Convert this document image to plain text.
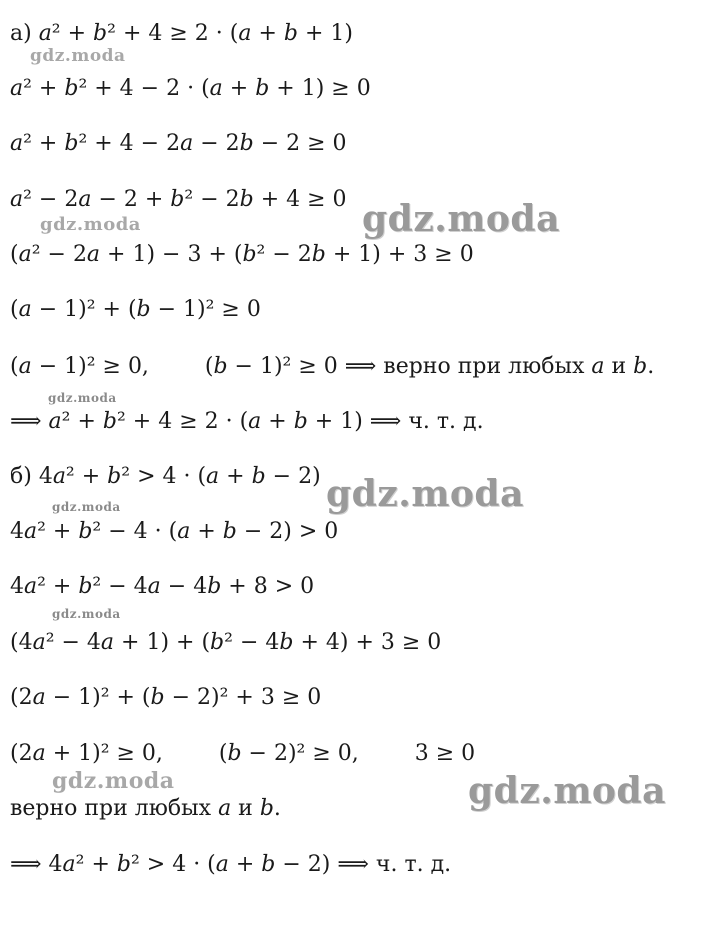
а) 𝑎² + 𝑏² + 4 ≥ 2 · (𝑎 + 𝑏 + 1)
𝑎² + 𝑏² + 4 − 2 · (𝑎 + 𝑏 + 1) ≥ 0
𝑎² + 𝑏² + 4 − 2𝑎 − 2𝑏 − 2 ≥ 0
𝑎² − 2𝑎 − 2 + 𝑏² − 2𝑏 + 4 ≥ 0
(𝑎² − 2𝑎 + 1) − 3 + (𝑏² − 2𝑏 + 1) + 3 ≥ 0
(𝑎 − 1)² + (𝑏 − 1)² ≥ 0
(𝑎 − 1)² ≥ 0,        (𝑏 − 1)² ≥ 0 ⟹ верно при любых 𝑎 и 𝑏.
⟹ 𝑎² + 𝑏² + 4 ≥ 2 · (𝑎 + 𝑏 + 1) ⟹ ч. т. д.
б) 4𝑎² + 𝑏² > 4 · (𝑎 + 𝑏 − 2)
4𝑎² + 𝑏² − 4 · (𝑎 + 𝑏 − 2) > 0
4𝑎² + 𝑏² − 4𝑎 − 4𝑏 + 8 > 0
(4𝑎² − 4𝑎 + 1) + (𝑏² − 4𝑏 + 4) + 3 ≥ 0
(2𝑎 − 1)² + (𝑏 − 2)² + 3 ≥ 0
(2𝑎 + 1)² ≥ 0,        (𝑏 − 2)² ≥ 0,        3 ≥ 0
верно при любых 𝑎 и 𝑏.
⟹ 4𝑎² + 𝑏² > 4 · (𝑎 + 𝑏 − 2) ⟹ ч. т. д.
gdz.moda
gdz.moda	gdz.moda
gdz.moda
gdz.moda	gdz.moda
gdz.moda
gdz.moda	gdz.moda
